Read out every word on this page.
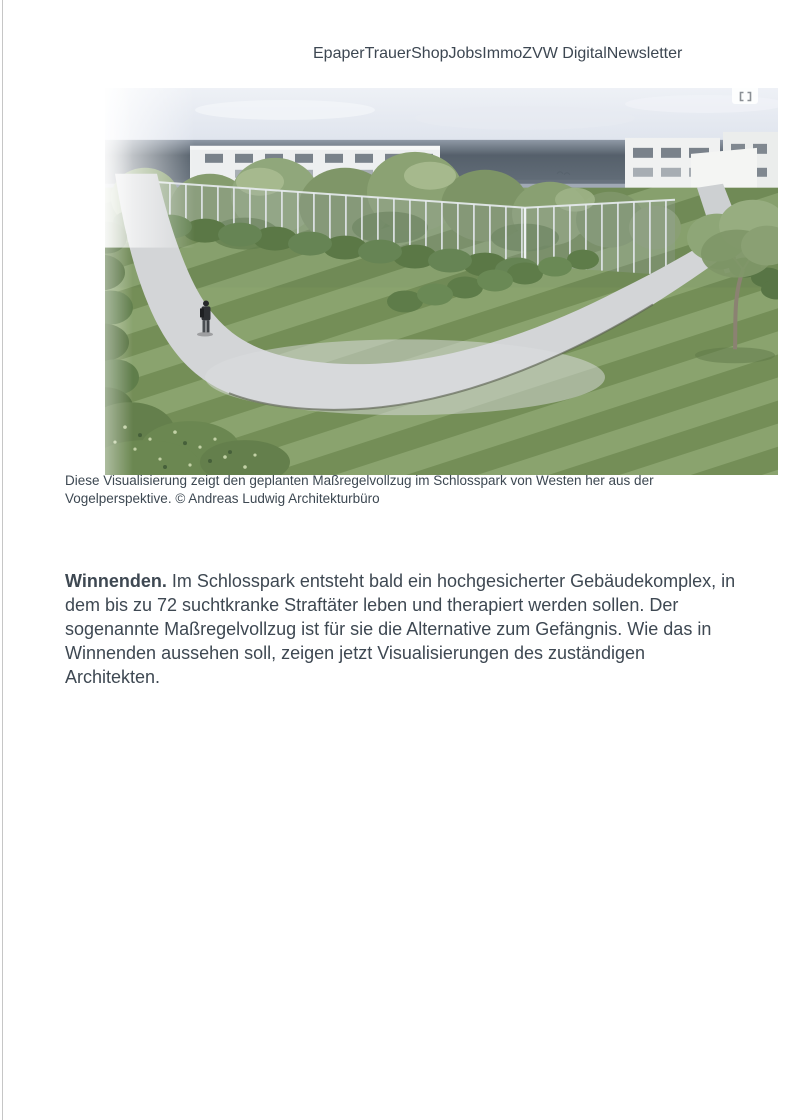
EpaperTrauerShopJobsImmoZVW DigitalNewsletter
Diese Visualisierung zeigt den geplanten Maßregelvollzug im Schlosspark von Westen her aus der Vogelperspektive. © Andreas Ludwig Architekturbüro

Winnenden. Im Schlosspark entsteht bald ein hochgesicherter Gebäudekomplex, in dem bis zu 72 suchtkranke Straftäter leben und therapiert werden sollen. Der sogenannte Maßregelvollzug ist für sie die Alternative zum Gefängnis. Wie das in Winnenden aussehen soll, zeigen jetzt Visualisierungen des zuständigen Architekten.
